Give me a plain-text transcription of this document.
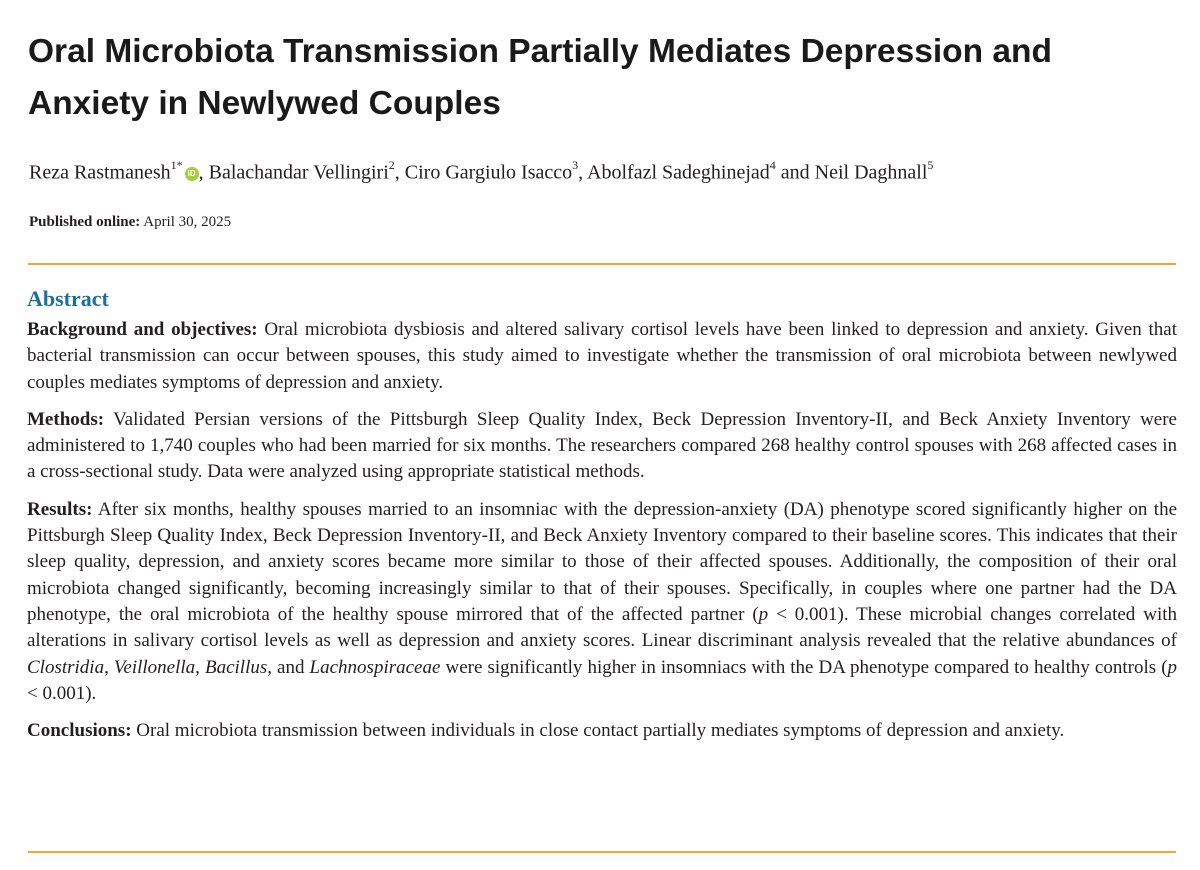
Oral Microbiota Transmission Partially Mediates Depression and Anxiety in Newlywed Couples
Reza Rastmanesh$^{1*}$iD , Balachandar Vellingiri$^2$, Ciro Gargiulo Isacco$^3$, Abolfazl Sadeghinejad$^4$ and Neil Daghnall$^5$
Published online: April 30, 2025
Abstract

Background and objectives: Oral microbiota dysbiosis and altered salivary cortisol levels have been linked to depression and anxiety. Given that bacterial transmission can occur between spouses, this study aimed to investigate whether the transmission of oral microbiota between newlywed couples mediates symptoms of depression and anxiety.

Methods: Validated Persian versions of the Pittsburgh Sleep Quality Index, Beck Depression Inventory-II, and Beck Anxiety Inventory were administered to 1,740 couples who had been married for six months. The researchers compared 268 healthy control spouses with 268 affected cases in a cross-sectional study. Data were analyzed using appropriate statistical methods.

Results: After six months, healthy spouses married to an insomniac with the depression-anxiety (DA) phenotype scored significantly higher on the Pittsburgh Sleep Quality Index, Beck Depression Inventory-II, and Beck Anxiety Inventory compared to their baseline scores. This indicates that their sleep quality, depression, and anxiety scores became more similar to those of their affected spouses. Additionally, the composition of their oral microbiota changed significantly, becoming increasingly similar to that of their spouses. Specifically, in couples where one partner had the DA phenotype, the oral microbiota of the healthy spouse mirrored that of the affected partner (p < 0.001). These microbial changes correlated with alterations in salivary cortisol levels as well as depression and anxiety scores. Linear discriminant analysis revealed that the relative abundances of Clostridia, Veillonella, Bacillus, and Lachnospiraceae were significantly higher in insomniacs with the DA phenotype compared to healthy controls (p < 0.001).

Conclusions: Oral microbiota transmission between individuals in close contact partially mediates symptoms of depression and anxiety.
